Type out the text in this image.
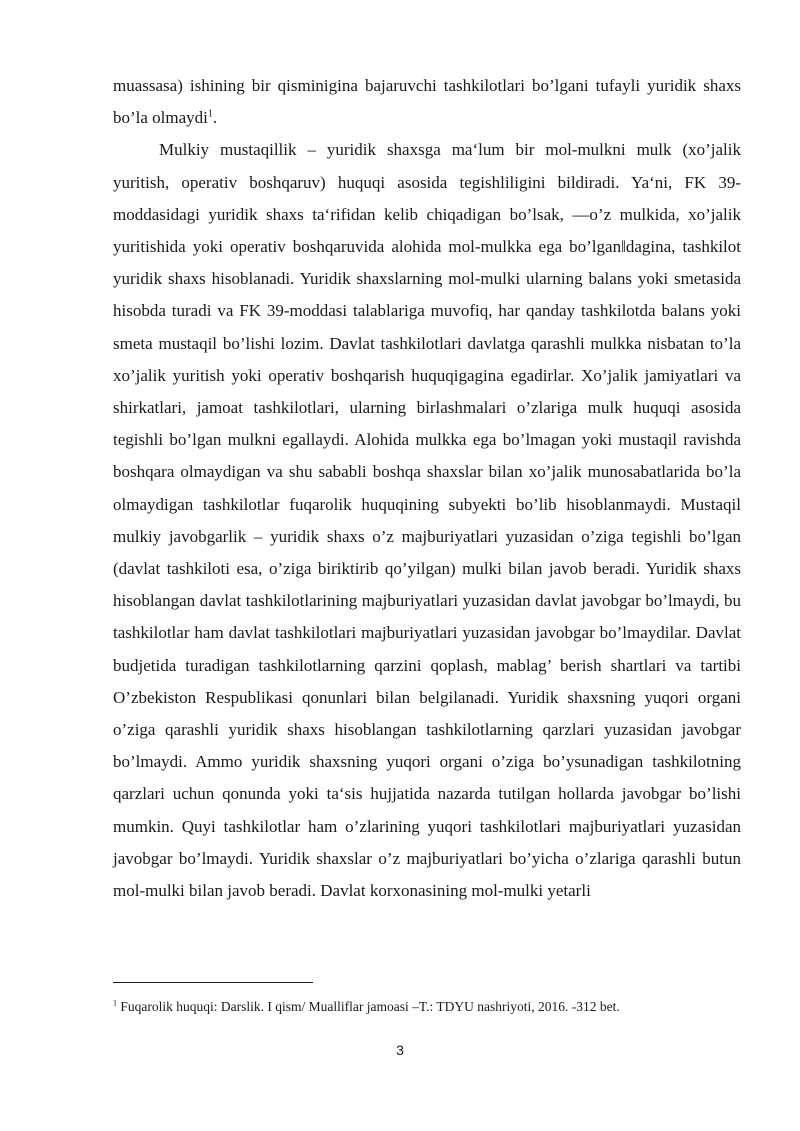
muassasa) ishining bir qisminigina bajaruvchi tashkilotlari bo’lgani tufayli yuridik shaxs bo’la olmaydi$^1$.

Mulkiy mustaqillik – yuridik shaxsga ma‘lum bir mol-mulkni mulk (xo’jalik yuritish, operativ boshqaruv) huquqi asosida tegishliligini bildiradi. Ya‘ni, FK 39-moddasidagi yuridik shaxs ta‘rifidan kelib chiqadigan bo’lsak, ―o’z mulkida, xo’jalik yuritishida yoki operativ boshqaruvida alohida mol-mulkka ega bo’lgan‖dagina, tashkilot yuridik shaxs hisoblanadi. Yuridik shaxslarning mol-mulki ularning balans yoki smetasida hisobda turadi va FK 39-moddasi talablariga muvofiq, har qanday tashkilotda balans yoki smeta mustaqil bo’lishi lozim. Davlat tashkilotlari davlatga qarashli mulkka nisbatan to’la xo’jalik yuritish yoki operativ boshqarish huquqigagina egadirlar. Xo’jalik jamiyatlari va shirkatlari, jamoat tashkilotlari, ularning birlashmalari o’zlariga mulk huquqi asosida tegishli bo’lgan mulkni egallaydi. Alohida mulkka ega bo’lmagan yoki mustaqil ravishda boshqara olmaydigan va shu sababli boshqa shaxslar bilan xo’jalik munosabatlarida bo’la olmaydigan tashkilotlar fuqarolik huquqining subyekti bo’lib hisoblanmaydi. Mustaqil mulkiy javobgarlik – yuridik shaxs o’z majburiyatlari yuzasidan o’ziga tegishli bo’lgan (davlat tashkiloti esa, o’ziga biriktirib qo’yilgan) mulki bilan javob beradi. Yuridik shaxs hisoblangan davlat tashkilotlarining majburiyatlari yuzasidan davlat javobgar bo’lmaydi, bu tashkilotlar ham davlat tashkilotlari majburiyatlari yuzasidan javobgar bo’lmaydilar. Davlat budjetida turadigan tashkilotlarning qarzini qoplash, mablag’ berish shartlari va tartibi O’zbekiston Respublikasi qonunlari bilan belgilanadi. Yuridik shaxsning yuqori organi o’ziga qarashli yuridik shaxs hisoblangan tashkilotlarning qarzlari yuzasidan javobgar bo’lmaydi. Ammo yuridik shaxsning yuqori organi o’ziga bo’ysunadigan tashkilotning qarzlari uchun qonunda yoki ta‘sis hujjatida nazarda tutilgan hollarda javobgar bo’lishi mumkin. Quyi tashkilotlar ham o’zlarining yuqori tashkilotlari majburiyatlari yuzasidan javobgar bo’lmaydi. Yuridik shaxslar o’z majburiyatlari bo’yicha o’zlariga qarashli butun mol-mulki bilan javob beradi. Davlat korxonasining mol-mulki yetarli

$^1$ Fuqarolik huquqi: Darslik. I qism/ Mualliflar jamoasi –T.: TDYU nashriyoti, 2016. -312 bet.
3
